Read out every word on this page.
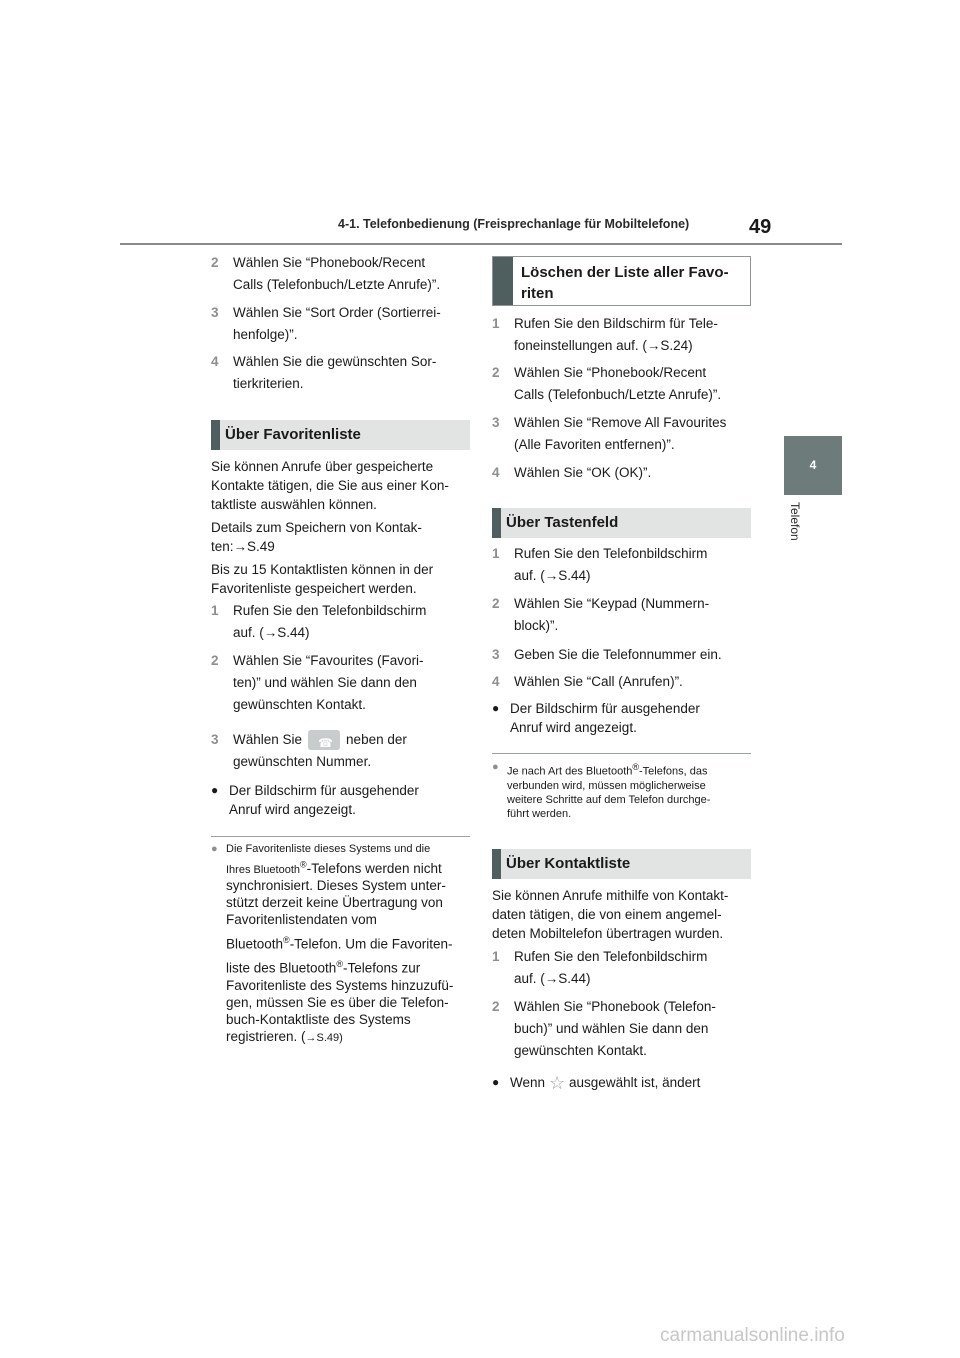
4-1. Telefonbedienung (Freisprechanlage für Mobiltelefone)	49
4
Telefon
2 Wählen Sie “Phonebook/Recent
Calls (Telefonbuch/Letzte Anrufe)”.
3 Wählen Sie “Sort Order (Sortierrei-
henfolge)”.
4 Wählen Sie die gewünschten Sor-
tierkriterien.
Über Favoritenliste
Sie können Anrufe über gespeicherte
Kontakte tätigen, die Sie aus einer Kon-
taktliste auswählen können.
Details zum Speichern von Kontak-
ten:→S.49
Bis zu 15 Kontaktlisten können in der
Favoritenliste gespeichert werden.
1 Rufen Sie den Telefonbildschirm
auf. (→S.44)
2 Wählen Sie “Favourites (Favori-
ten)” und wählen Sie dann den
gewünschten Kontakt.
3 Wählen Sie☎	neben der
gewünschten Nummer.
● Der Bildschirm für ausgehender
Anruf wird angezeigt.
● Die Favoritenliste dieses Systems und die
Ihres Bluetooth®-Telefons werden nicht
synchronisiert. Dieses System unter-
stützt derzeit keine Übertragung von
Favoritenlistendaten vom
Bluetooth®-Telefon. Um die Favoriten-
liste des Bluetooth®-Telefons zur
Favoritenliste des Systems hinzuzufü-
gen, müssen Sie es über die Telefon-
buch-Kontaktliste des Systems
registrieren. (→S.49)
Löschen der Liste aller Favo-
riten
1 Rufen Sie den Bildschirm für Tele-
foneinstellungen auf. (→S.24)
2 Wählen Sie “Phonebook/Recent
Calls (Telefonbuch/Letzte Anrufe)”.
3 Wählen Sie “Remove All Favourites
(Alle Favoriten entfernen)”.
4 Wählen Sie “OK (OK)”.
Über Tastenfeld
1 Rufen Sie den Telefonbildschirm
auf. (→S.44)
2 Wählen Sie “Keypad (Nummern-
block)”.
3 Geben Sie die Telefonnummer ein.
4 Wählen Sie “Call (Anrufen)”.
● Der Bildschirm für ausgehender
Anruf wird angezeigt.
● Je nach Art des Bluetooth®-Telefons, das
verbunden wird, müssen möglicherweise
weitere Schritte auf dem Telefon durchge-
führt werden.
Über Kontaktliste
Sie können Anrufe mithilfe von Kontakt-
daten tätigen, die von einem angemel-
deten Mobiltelefon übertragen wurden.
1 Rufen Sie den Telefonbildschirm
auf. (→S.44)
2 Wählen Sie “Phonebook (Telefon-
buch)” und wählen Sie dann den
gewünschten Kontakt.
● Wenn ☆ ausgewählt ist, ändert
carmanualsonline.info
